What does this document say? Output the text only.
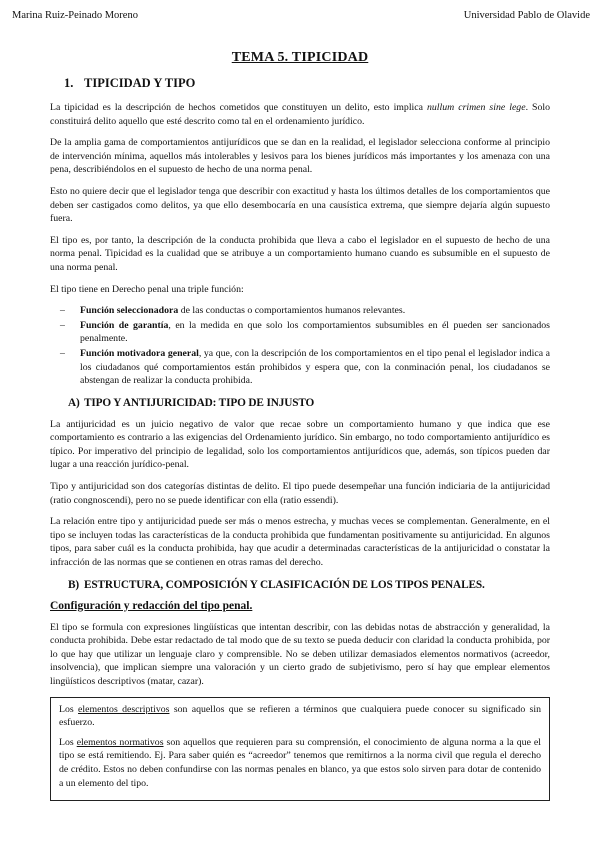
Marina Ruiz-Peinado Moreno	Universidad Pablo de Olavide
TEMA 5. TIPICIDAD
1. TIPICIDAD Y TIPO

La tipicidad es la descripción de hechos cometidos que constituyen un delito, esto implica nullum crimen sine lege. Solo constituirá delito aquello que esté descrito como tal en el ordenamiento jurídico.

De la amplia gama de comportamientos antijurídicos que se dan en la realidad, el legislador selecciona conforme al principio de intervención mínima, aquellos más intolerables y lesivos para los bienes jurídicos más importantes y los amenaza con una pena, describiéndolos en el supuesto de hecho de una norma penal.

Esto no quiere decir que el legislador tenga que describir con exactitud y hasta los últimos detalles de los comportamientos que deben ser castigados como delitos, ya que ello desembocaría en una causística extrema, que siempre dejaría algún supuesto fuera.

El tipo es, por tanto, la descripción de la conducta prohibida que lleva a cabo el legislador en el supuesto de hecho de una norma penal. Tipicidad es la cualidad que se atribuye a un comportamiento humano cuando es subsumible en el supuesto de una norma penal.

El tipo tiene en Derecho penal una triple función:

– Función seleccionadora de las conductas o comportamientos humanos relevantes.
– Función de garantía, en la medida en que solo los comportamientos subsumibles en él pueden ser sancionados penalmente.
– Función motivadora general, ya que, con la descripción de los comportamientos en el tipo penal el legislador indica a los ciudadanos qué comportamientos están prohibidos y espera que, con la conminación penal, los ciudadanos se abstengan de realizar la conducta prohibida.
A) TIPO Y ANTIJURICIDAD: TIPO DE INJUSTO

La antijuricidad es un juicio negativo de valor que recae sobre un comportamiento humano y que indica que ese comportamiento es contrario a las exigencias del Ordenamiento jurídico. Sin embargo, no todo comportamiento antijurídico es típico. Por imperativo del principio de legalidad, solo los comportamientos antijurídicos que, además, son típicos pueden dar lugar a una reacción jurídico-penal.

Tipo y antijuricidad son dos categorías distintas de delito. El tipo puede desempeñar una función indiciaria de la antijuricidad (ratio congnoscendi), pero no se puede identificar con ella (ratio essendi).

La relación entre tipo y antijuricidad puede ser más o menos estrecha, y muchas veces se complementan. Generalmente, en el tipo se incluyen todas las características de la conducta prohibida que fundamentan positivamente su antijuricidad. En algunos tipos, para saber cuál es la conducta prohibida, hay que acudir a determinadas características de la antijuricidad o constatar la infracción de las normas que se contienen en otras ramas del derecho.

B) ESTRUCTURA, COMPOSICIÓN Y CLASIFICACIÓN DE LOS TIPOS PENALES.
Configuración y redacción del tipo penal.

El tipo se formula con expresiones lingüísticas que intentan describir, con las debidas notas de abstracción y generalidad, la conducta prohibida. Debe estar redactado de tal modo que de su texto se pueda deducir con claridad la conducta prohibida, por lo que hay que utilizar un lenguaje claro y comprensible. No se deben utilizar demasiados elementos normativos (acreedor, insolvencia), que implican siempre una valoración y un cierto grado de subjetivismo, pero sí hay que emplear elementos lingüísticos descriptivos (matar, cazar).

Los elementos descriptivos son aquellos que se refieren a términos que cualquiera puede conocer su significado sin esfuerzo.

Los elementos normativos son aquellos que requieren para su comprensión, el conocimiento de alguna norma a la que el tipo se está remitiendo. Ej. Para saber quién es “acreedor” tenemos que remitirnos a la norma civil que regula el derecho de crédito. Estos no deben confundirse con las normas penales en blanco, ya que estos solo sirven para dotar de contenido a un elemento del tipo.
